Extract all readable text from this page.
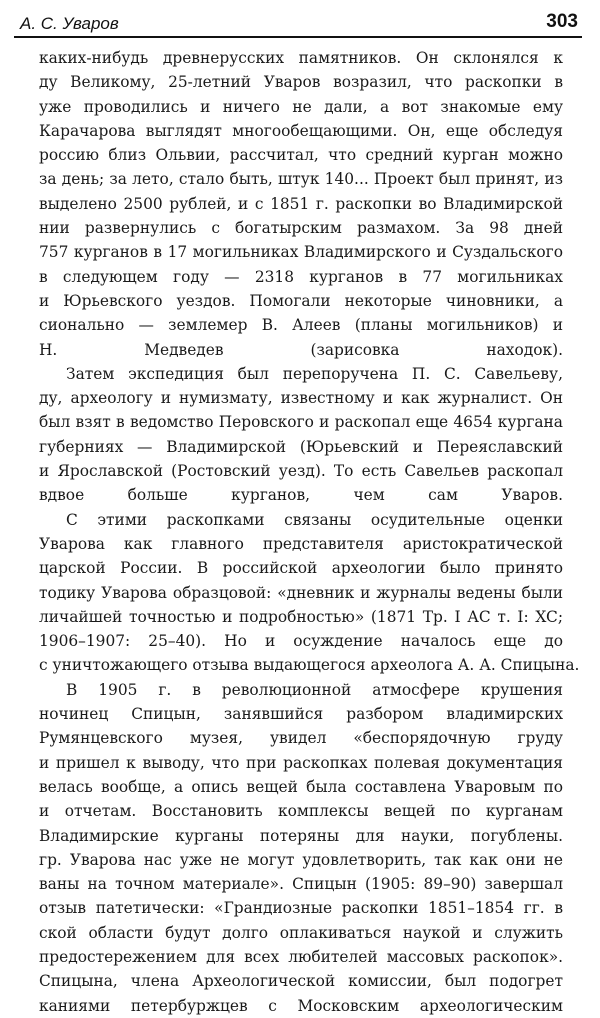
А. С. Уваров	303
каких-нибудь древнерусских памятников. Он склонялся к
ду Великому, 25-летний Уваров возразил, что раскопки в
уже проводились и ничего не дали, а вот знакомые ему
Карачарова выглядят многообещающими. Он, еще обследуя
россию близ Ольвии, рассчитал, что средний курган можно
за день; за лето, стало быть, штук 140... Проект был принят, из
выделено 2500 рублей, и с 1851 г. раскопки во Владимирской
нии развернулись с богатырским размахом. За 98 дней
757 курганов в 17 могильниках Владимирского и Суздальского
в следующем году — 2318 курганов в 77 могильниках
и Юрьевского уездов. Помогали некоторые чиновники, а
сионально — землемер В. Алеев (планы могильников) и
Н. Медведев (зарисовка находок).
Затем экспедиция был перепоручена П. С. Савельеву,
ду, археологу и нумизмату, известному и как журналист. Он
был взят в ведомство Перовского и раскопал еще 4654 кургана
губерниях — Владимирской (Юрьевский и Переяславский
и Ярославской (Ростовский уезд). То есть Савельев раскопал
вдвое больше курганов, чем сам Уваров.
С этими раскопками связаны осудительные оценки
Уварова как главного представителя аристократической
царской России. В российской археологии было принято
тодику Уварова образцовой: «дневник и журналы ведены были
личайшей точностью и подробностью» (1871 Тр. I АС т. I: XC;
1906–1907: 25–40). Но и осуждение началось еще до
с уничтожающего отзыва выдающегося археолога А. А. Спицына.
В 1905 г. в революционной атмосфере крушения
ночинец Спицын, занявшийся разбором владимирских
Румянцевского музея, увидел «беспорядочную груду
и пришел к выводу, что при раскопках полевая документация
велась вообще, а опись вещей была составлена Уваровым по
и отчетам. Восстановить комплексы вещей по курганам
Владимирские курганы потеряны для науки, погублены.
гр. Уварова нас уже не могут удовлетворить, так как они не
ваны на точном материале». Спицын (1905: 89–90) завершал
отзыв патетически: «Грандиозные раскопки 1851–1854 гг. в
ской области будут долго оплакиваться наукой и служить
предостережением для всех любителей массовых раскопок».
Спицына, члена Археологической комиссии, был подогрет
каниями петербуржцев с Московским археологическим
